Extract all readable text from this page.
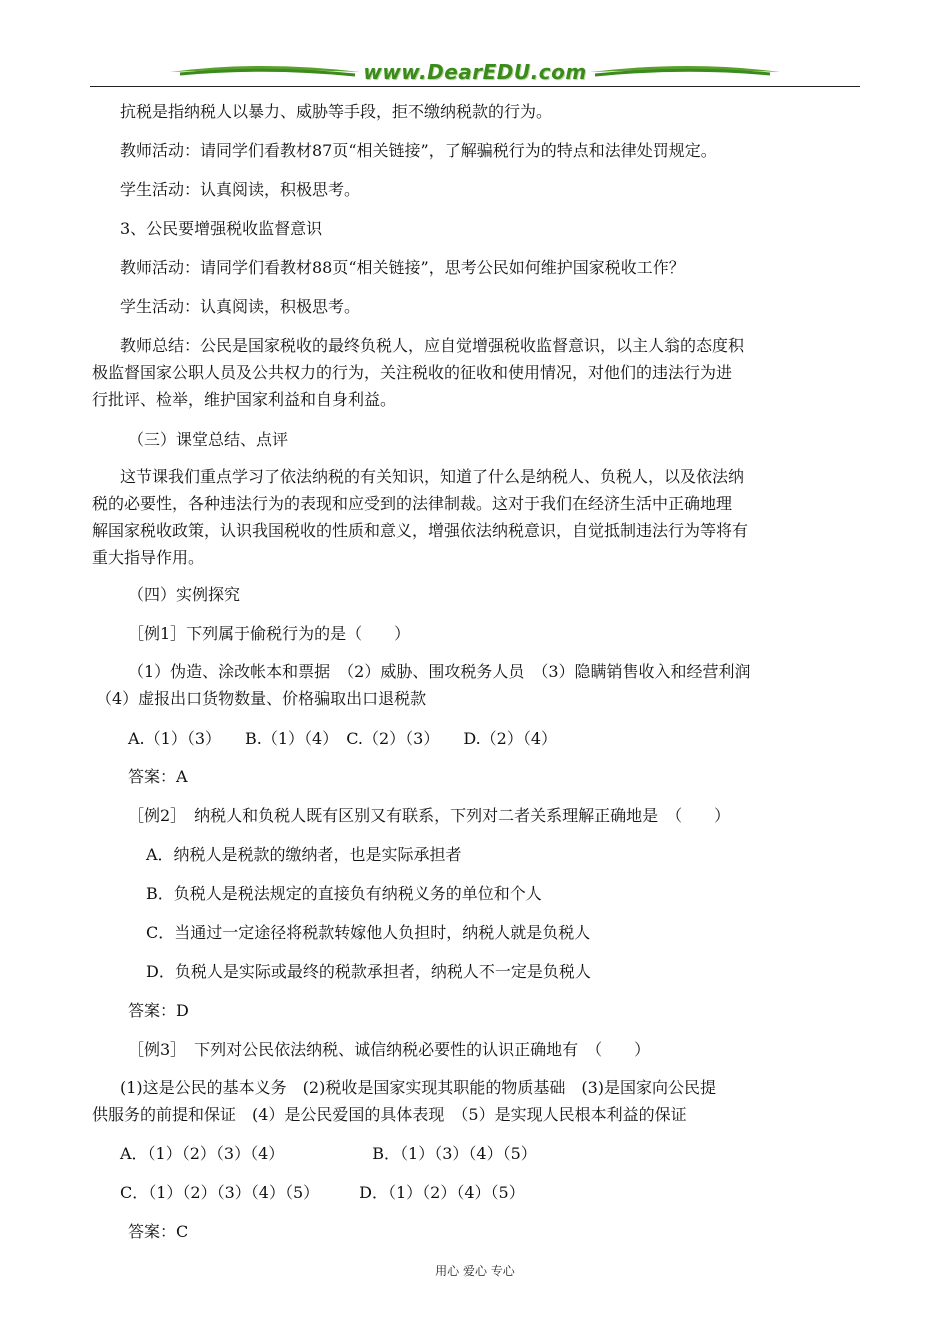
www.DearEDU.com
抗税是指纳税人以暴力、威胁等手段，拒不缴纳税款的行为。
教师活动：请同学们看教材87页“相关链接”，了解骗税行为的特点和法律处罚规定。
学生活动：认真阅读，积极思考。
3、公民要增强税收监督意识
教师活动：请同学们看教材88页“相关链接”，思考公民如何维护国家税收工作？
学生活动：认真阅读，积极思考。
教师总结：公民是国家税收的最终负税人，应自觉增强税收监督意识，以主人翁的态度积
极监督国家公职人员及公共权力的行为，关注税收的征收和使用情况，对他们的违法行为进
行批评、检举，维护国家利益和自身利益。
（三）课堂总结、点评
这节课我们重点学习了依法纳税的有关知识，知道了什么是纳税人、负税人，以及依法纳
税的必要性，各种违法行为的表现和应受到的法律制裁。这对于我们在经济生活中正确地理
解国家税收政策，认识我国税收的性质和意义，增强依法纳税意识，自觉抵制违法行为等将有
重大指导作用。
（四）实例探究
［例1］下列属于偷税行为的是（　　）
（1）伪造、涂改帐本和票据　（2）威胁、围攻税务人员　（3）隐瞒销售收入和经营利润
（4）虚报出口货物数量、价格骗取出口退税款
A.（1）（3）　　B.（1）（4）　C.（2）（3）　　D.（2）（4）
答案：A
［例2］　纳税人和负税人既有区别又有联系，下列对二者关系理解正确地是　（　　）
A．纳税人是税款的缴纳者，也是实际承担者
B．负税人是税法规定的直接负有纳税义务的单位和个人
C．当通过一定途径将税款转嫁他人负担时，纳税人就是负税人
D．负税人是实际或最终的税款承担者，纳税人不一定是负税人
答案：D
［例3］　下列对公民依法纳税、诚信纳税必要性的认识正确地有　（　　）
(1)这是公民的基本义务　(2)税收是国家实现其职能的物质基础　(3)是国家向公民提
供服务的前提和保证　(4）是公民爱国的具体表现　（5）是实现人民根本利益的保证
A．（1）（2）（3）（4）　　　　　　B．（1）（3）（4）（5）
C．（1）（2）（3）（4）（5）　　　D．（1）（2）（4）（5）
答案：C
用心 爱心 专心
